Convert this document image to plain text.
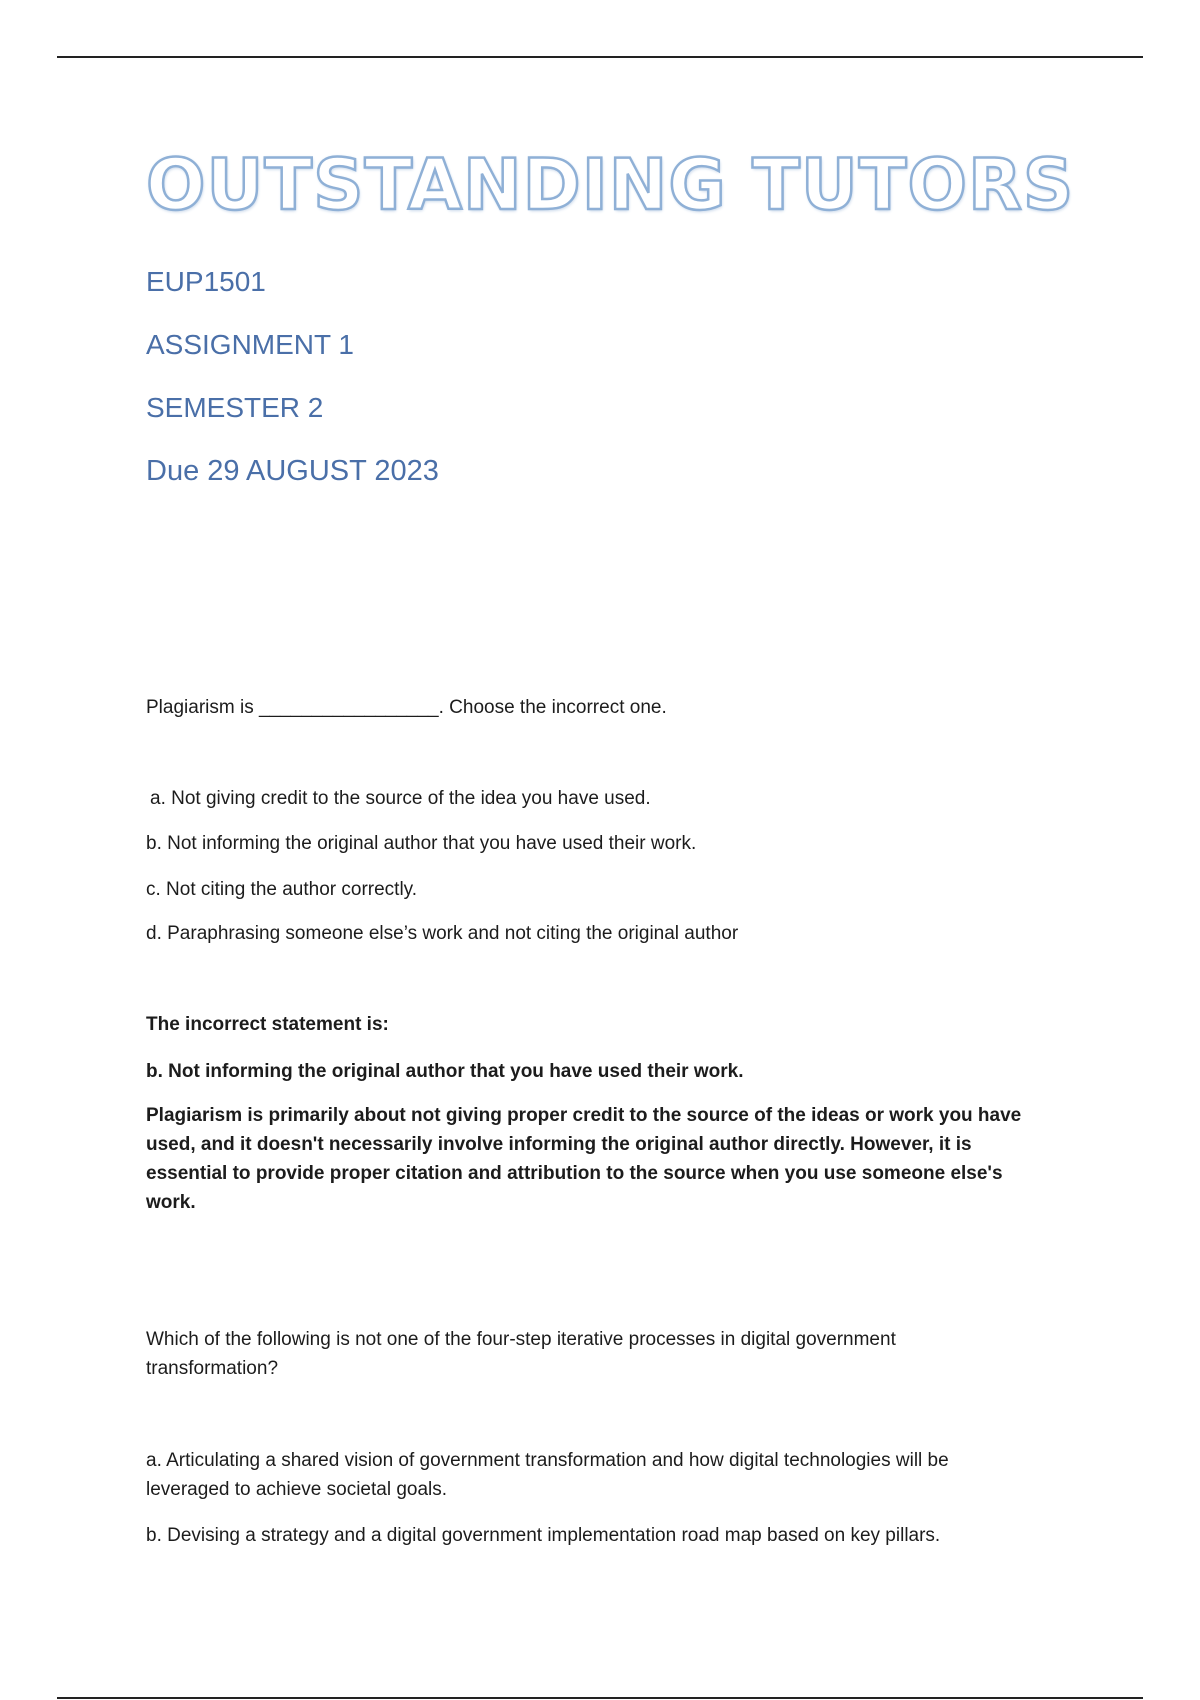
OUTSTANDING TUTORS
EUP1501
ASSIGNMENT 1
SEMESTER 2
Due 29 AUGUST 2023
Plagiarism is _________________. Choose the incorrect one.
a. Not giving credit to the source of the idea you have used.
b. Not informing the original author that you have used their work.
c. Not citing the author correctly.
d. Paraphrasing someone else’s work and not citing the original author
The incorrect statement is:
b. Not informing the original author that you have used their work.
Plagiarism is primarily about not giving proper credit to the source of the ideas or work you have used, and it doesn't necessarily involve informing the original author directly. However, it is essential to provide proper citation and attribution to the source when you use someone else's work.
Which of the following is not one of the four-step iterative processes in digital government transformation?
a. Articulating a shared vision of government transformation and how digital technologies will be leveraged to achieve societal goals.
b. Devising a strategy and a digital government implementation road map based on key pillars.
